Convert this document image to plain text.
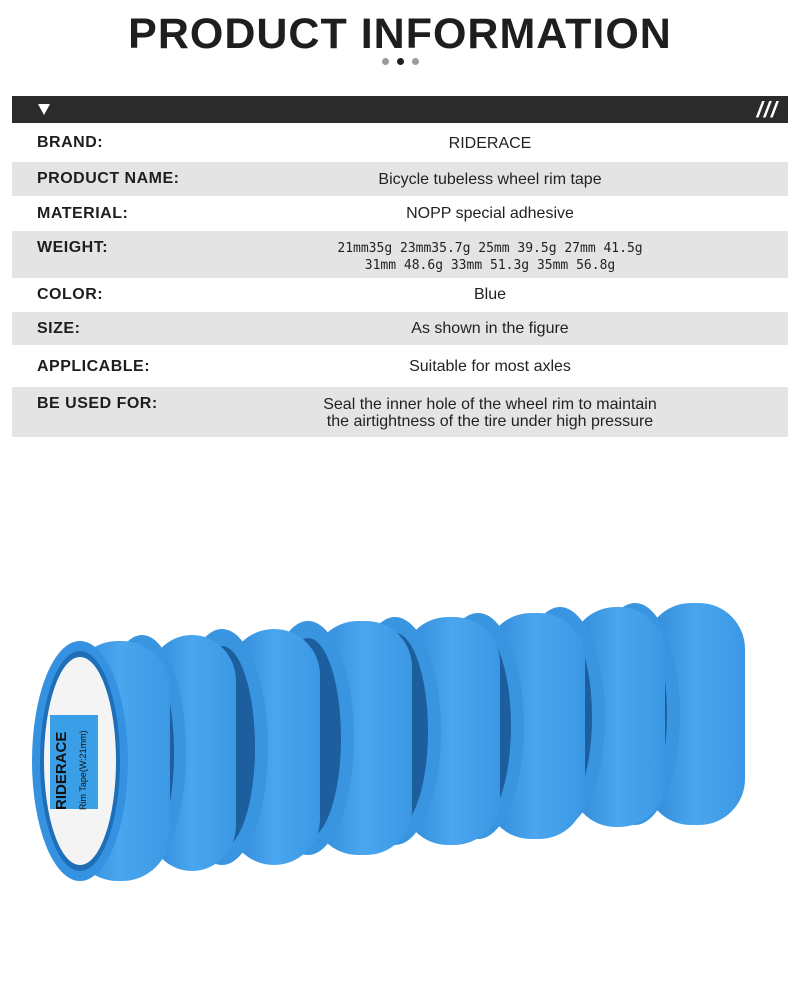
PRODUCT INFORMATION
///
BRAND:	RIDERACE
PRODUCT NAME:	Bicycle tubeless wheel rim tape
MATERIAL:	NOPP special adhesive
WEIGHT:	21mm35g 23mm35.7g 25mm 39.5g 27mm 41.5g
31mm 48.6g 33mm 51.3g 35mm 56.8g
COLOR:	Blue
SIZE:	As shown in the figure
APPLICABLE:	Suitable for most axles
BE USED FOR:	Seal the inner hole of the wheel rim to maintain
the airtightness of the tire under high pressure
RIDERACE Rim Tape(W:21mm)
